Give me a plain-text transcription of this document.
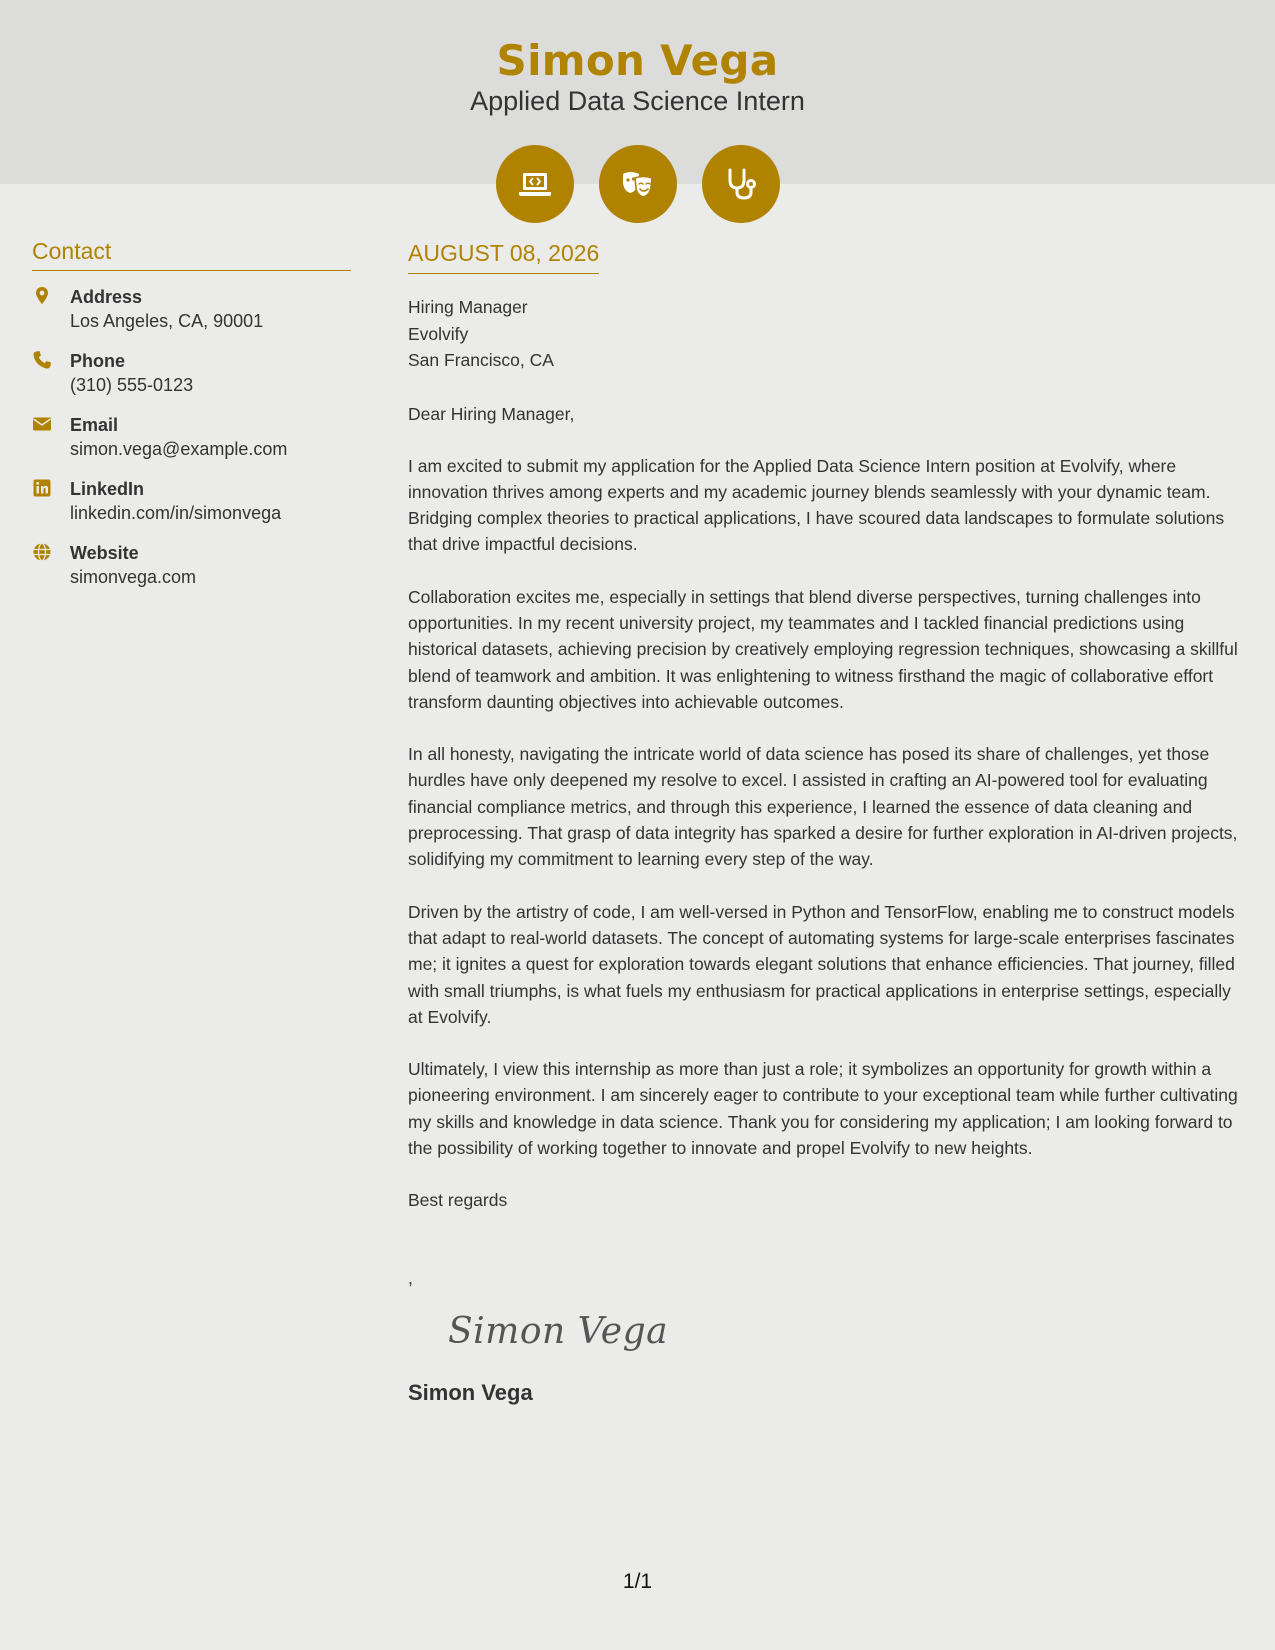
Simon Vega
Applied Data Science Intern
Contact
Address
Los Angeles, CA, 90001
Phone
(310) 555-0123
Email
simon.vega@example.com
LinkedIn
linkedin.com/in/simonvega
Website
simonvega.com
AUGUST 08, 2026
Hiring Manager
Evolvify
San Francisco, CA
Dear Hiring Manager,
I am excited to submit my application for the Applied Data Science Intern position at Evolvify, where innovation thrives among experts and my academic journey blends seamlessly with your dynamic team. Bridging complex theories to practical applications, I have scoured data landscapes to formulate solutions that drive impactful decisions.
Collaboration excites me, especially in settings that blend diverse perspectives, turning challenges into opportunities. In my recent university project, my teammates and I tackled financial predictions using historical datasets, achieving precision by creatively employing regression techniques, showcasing a skillful blend of teamwork and ambition. It was enlightening to witness firsthand the magic of collaborative effort transform daunting objectives into achievable outcomes.
In all honesty, navigating the intricate world of data science has posed its share of challenges, yet those hurdles have only deepened my resolve to excel. I assisted in crafting an AI-powered tool for evaluating financial compliance metrics, and through this experience, I learned the essence of data cleaning and preprocessing. That grasp of data integrity has sparked a desire for further exploration in AI-driven projects, solidifying my commitment to learning every step of the way.
Driven by the artistry of code, I am well-versed in Python and TensorFlow, enabling me to construct models that adapt to real-world datasets. The concept of automating systems for large-scale enterprises fascinates me; it ignites a quest for exploration towards elegant solutions that enhance efficiencies. That journey, filled with small triumphs, is what fuels my enthusiasm for practical applications in enterprise settings, especially at Evolvify.
Ultimately, I view this internship as more than just a role; it symbolizes an opportunity for growth within a pioneering environment. I am sincerely eager to contribute to your exceptional team while further cultivating my skills and knowledge in data science. Thank you for considering my application; I am looking forward to the possibility of working together to innovate and propel Evolvify to new heights.
Best regards
,
Simon Vega
Simon Vega
1/1
